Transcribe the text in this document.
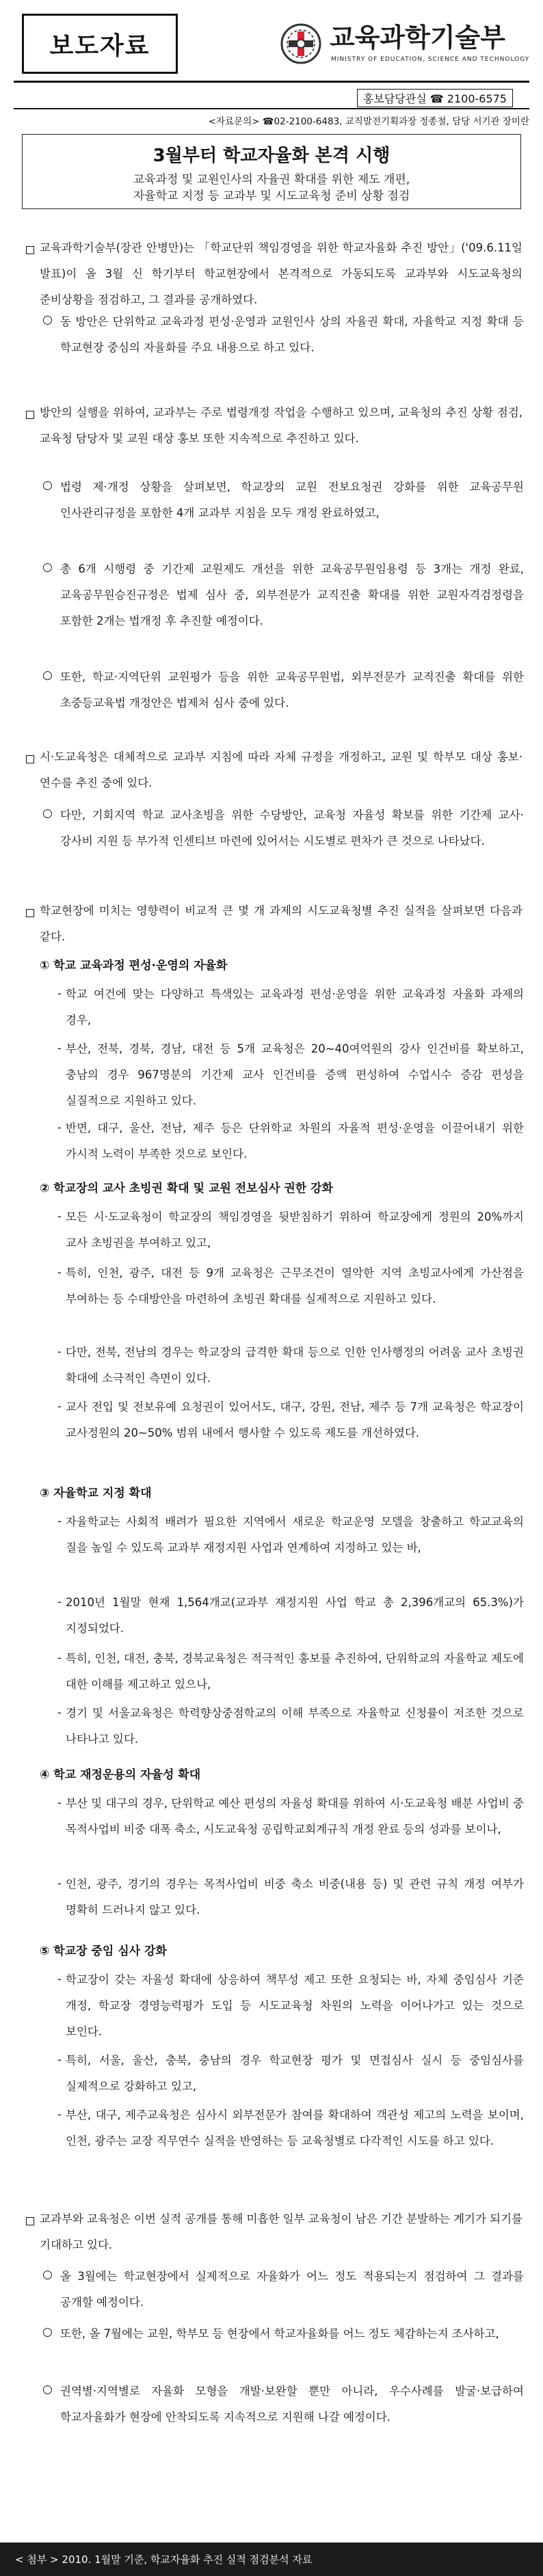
보도자료	교육과학기술부
MINISTRY OF EDUCATION, SCIENCE AND TECHNOLOGY
홍보담당관실 ☎ 2100-6575
<자료문의> ☎02-2100-6483, 교직발전기획과장 정종철, 담당 서기관 장미란
3월부터 학교자율화 본격 시행
교육과정 및 교원인사의 자율권 확대를 위한 제도 개편,
자율학교 지정 등 교과부 및 시도교육청 준비 상황 점검
교육과학기술부(장관 안병만)는 「학교단위 책임경영을 위한 학교자율화 추진 방안」('09.6.11일 발표)이 올 3월 신 학기부터 학교현장에서 본격적으로 가동되도록 교과부와 시도교육청의 준비상황을 점검하고, 그 결과를 공개하였다.
○ 동 방안은 단위학교 교육과정 편성·운영과 교원인사 상의 자율권 확대, 자율학교 지정 확대 등 학교현장 중심의 자율화를 주요 내용으로 하고 있다.
방안의 실행을 위하여, 교과부는 주로 법령개정 작업을 수행하고 있으며, 교육청의 추진 상황 점검, 교육청 담당자 및 교원 대상 홍보 또한 지속적으로 추진하고 있다.
○ 법령 제·개정 상황을 살펴보면, 학교장의 교원 전보요청권 강화를 위한 교육공무원 인사관리규정을 포함한 4개 교과부 지침을 모두 개정 완료하였고,
○ 총 6개 시행령 중 기간제 교원제도 개선을 위한 교육공무원임용령 등 3개는 개정 완료, 교육공무원승진규정은 법제 심사 중, 외부전문가 교직진출 확대를 위한 교원자격검정령을 포함한 2개는 법개정 후 추진할 예정이다.
○ 또한, 학교·지역단위 교원평가 등을 위한 교육공무원법, 외부전문가 교직진출 확대를 위한 초중등교육법 개정안은 법제처 심사 중에 있다.
시·도교육청은 대체적으로 교과부 지침에 따라 자체 규정을 개정하고, 교원 및 학부모 대상 홍보·연수를 추진 중에 있다.
○ 다만, 기회지역 학교 교사초빙을 위한 수당방안, 교육청 자율성 확보를 위한 기간제 교사·강사비 지원 등 부가적 인센티브 마련에 있어서는 시도별로 편차가 큰 것으로 나타났다.
학교현장에 미치는 영향력이 비교적 큰 몇 개 과제의 시도교육청별 추진 실적을 살펴보면 다음과 같다.
① 학교 교육과정 편성·운영의 자율화
- 학교 여건에 맞는 다양하고 특색있는 교육과정 편성·운영을 위한 교육과정 자율화 과제의 경우,
- 부산, 전북, 경북, 경남, 대전 등 5개 교육청은 20~40여억원의 강사 인건비를 확보하고, 충남의 경우 967명분의 기간제 교사 인건비를 증액 편성하여 수업시수 증감 편성을 실질적으로 지원하고 있다.
- 반면, 대구, 울산, 전남, 제주 등은 단위학교 차원의 자율적 편성·운영을 이끌어내기 위한 가시적 노력이 부족한 것으로 보인다.
② 학교장의 교사 초빙권 확대 및 교원 전보심사 권한 강화
- 모든 시·도교육청이 학교장의 책임경영을 뒷받침하기 위하여 학교장에게 정원의 20%까지 교사 초빙권을 부여하고 있고,
- 특히, 인천, 광주, 대전 등 9개 교육청은 근무조건이 열악한 지역 초빙교사에게 가산점을 부여하는 등 수대방안을 마련하여 초빙권 확대를 실제적으로 지원하고 있다.
- 다만, 전북, 전남의 경우는 학교장의 급격한 확대 등으로 인한 인사행정의 어려움 교사 초빙권 확대에 소극적인 측면이 있다.
- 교사 전입 및 전보유예 요청권이 있어서도, 대구, 강원, 전남, 제주 등 7개 교육청은 학교장이 교사정원의 20~50% 범위 내에서 행사할 수 있도록 제도를 개선하였다.
③ 자율학교 지정 확대
- 자율학교는 사회적 배려가 필요한 지역에서 새로운 학교운영 모델을 창출하고 학교교육의 질을 높일 수 있도록 교과부 재정지원 사업과 연계하여 지정하고 있는 바,
- 2010년 1월말 현재 1,564개교(교과부 재정지원 사업 학교 총 2,396개교의 65.3%)가 지정되었다.
- 특히, 인천, 대전, 충북, 경북교육청은 적극적인 홍보를 추진하여, 단위학교의 자율학교 제도에 대한 이해를 제고하고 있으나,
- 경기 및 서울교육청은 학력향상중점학교의 이해 부족으로 자율학교 신청률이 저조한 것으로 나타나고 있다.
④ 학교 재정운용의 자율성 확대
- 부산 및 대구의 경우, 단위학교 예산 편성의 자율성 확대를 위하여 시·도교육청 배분 사업비 중 목적사업비 비중 대폭 축소, 시도교육청 공립학교회계규칙 개정 완료 등의 성과를 보이나,
- 인천, 광주, 경기의 경우는 목적사업비 비중 축소 비중(내용 등) 및 관련 규칙 개정 여부가 명확히 드러나지 않고 있다.
⑤ 학교장 중임 심사 강화
- 학교장이 갖는 자율성 확대에 상응하여 책무성 제고 또한 요청되는 바, 자체 중임심사 기준 개정, 학교장 경영능력평가 도입 등 시도교육청 차원의 노력을 이어나가고 있는 것으로 보인다.
- 특히, 서울, 울산, 충북, 충남의 경우 학교현장 평가 및 면접심사 실시 등 중임심사를 실제적으로 강화하고 있고,
- 부산, 대구, 제주교육청은 심사시 외부전문가 참여를 확대하여 객관성 제고의 노력을 보이며, 인천, 광주는 교장 직무연수 실적을 반영하는 등 교육청별로 다각적인 시도를 하고 있다.
교과부와 교육청은 이번 실적 공개를 통해 미흡한 일부 교육청이 남은 기간 분발하는 계기가 되기를 기대하고 있다.
○ 올 3월에는 학교현장에서 실제적으로 자율화가 어느 정도 적용되는지 점검하여 그 결과를 공개할 예정이다.
○ 또한, 올 7월에는 교원, 학부모 등 현장에서 학교자율화를 어느 정도 체감하는지 조사하고,
○ 권역별·지역별로 자율화 모형을 개발·보완할 뿐만 아니라, 우수사례를 발굴·보급하여 학교자율화가 현장에 안착되도록 지속적으로 지원해 나갈 예정이다.
< 첨부 > 2010. 1월말 기준, 학교자율화 추진 실적 점검분석 자료
